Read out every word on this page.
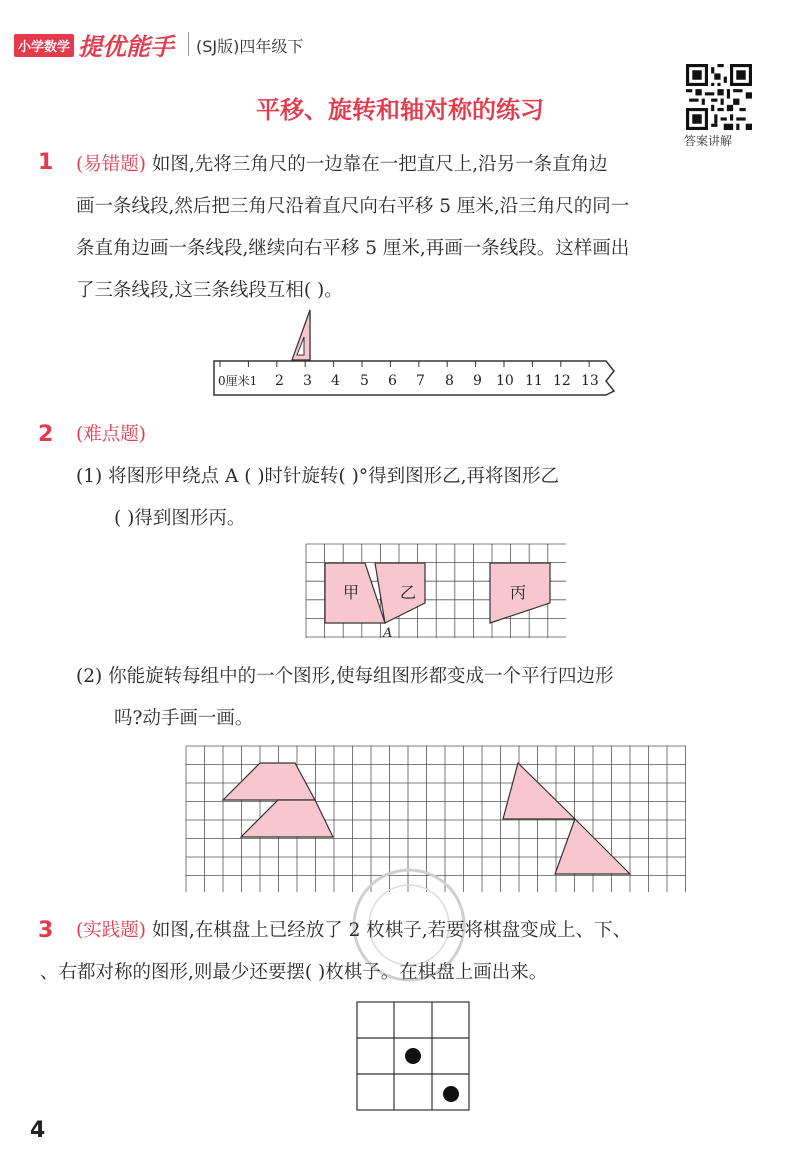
小学数学 提优能手 (SJ版)四年级下
平移、旋转和轴对称的练习
答案讲解
1 (易错题) 如图,先将三角尺的一边靠在一把直尺上,沿另一条直角边
画一条线段,然后把三角尺沿着直尺向右平移 5 厘米,沿三角尺的同一
条直角边画一条线段,继续向右平移 5 厘米,再画一条线段。这样画出
了三条线段,这三条线段互相( )。
0厘米1 2 3 4 5 6 7 8 9 10 11 12 13
2 (难点题)
(1) 将图形甲绕点 A ( )时针旋转( )°得到图形乙,再将图形乙
( )得到图形丙。
甲	乙	丙
A
(2) 你能旋转每组中的一个图形,使每组图形都变成一个平行四边形
吗?动手画一画。
3 (实践题) 如图,在棋盘上已经放了 2 枚棋子,若要将棋盘变成上、下、
、右都对称的图形,则最少还要摆( )枚棋子。在棋盘上画出来。
4
